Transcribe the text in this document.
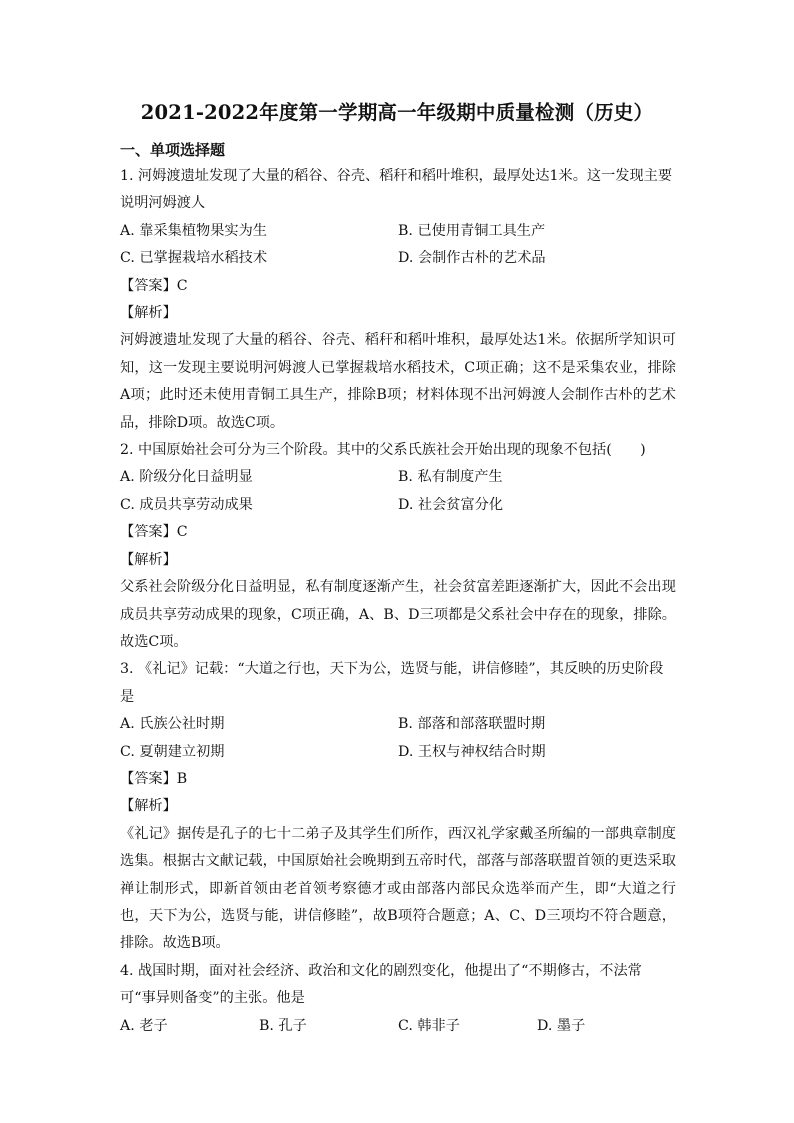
2021-2022年度第一学期高一年级期中质量检测（历史）
一、单项选择题

1. 河姆渡遗址发现了大量的稻谷、谷壳、稻秆和稻叶堆积，最厚处达1米。这一发现主要说明河姆渡人

A. 靠采集植物果实为生	B. 已使用青铜工具生产
C. 已掌握栽培水稻技术	D. 会制作古朴的艺术品

【答案】C

【解析】

河姆渡遗址发现了大量的稻谷、谷壳、稻秆和稻叶堆积，最厚处达1米。依据所学知识可知，这一发现主要说明河姆渡人已掌握栽培水稻技术，C项正确；这不是采集农业，排除A项；此时还未使用青铜工具生产，排除B项；材料体现不出河姆渡人会制作古朴的艺术品，排除D项。故选C项。

2. 中国原始社会可分为三个阶段。其中的父系氏族社会开始出现的现象不包括(　　)

A. 阶级分化日益明显	B. 私有制度产生
C. 成员共享劳动成果	D. 社会贫富分化

【答案】C

【解析】

父系社会阶级分化日益明显，私有制度逐渐产生，社会贫富差距逐渐扩大，因此不会出现成员共享劳动成果的现象，C项正确，A、B、D三项都是父系社会中存在的现象，排除。故选C项。

3. 《礼记》记载：“大道之行也，天下为公，选贤与能，讲信修睦”，其反映的历史阶段是

A. 氏族公社时期	B. 部落和部落联盟时期
C. 夏朝建立初期	D. 王权与神权结合时期

【答案】B

【解析】

《礼记》据传是孔子的七十二弟子及其学生们所作，西汉礼学家戴圣所编的一部典章制度选集。根据古文献记载，中国原始社会晚期到五帝时代，部落与部落联盟首领的更迭采取禅让制形式，即新首领由老首领考察德才或由部落内部民众选举而产生，即“大道之行也，天下为公，选贤与能，讲信修睦”，故B项符合题意；A、C、D三项均不符合题意，排除。故选B项。

4. 战国时期，面对社会经济、政治和文化的剧烈变化，他提出了“不期修古，不法常可“事异则备变”的主张。他是

A. 老子	B. 孔子	C. 韩非子	D. 墨子
